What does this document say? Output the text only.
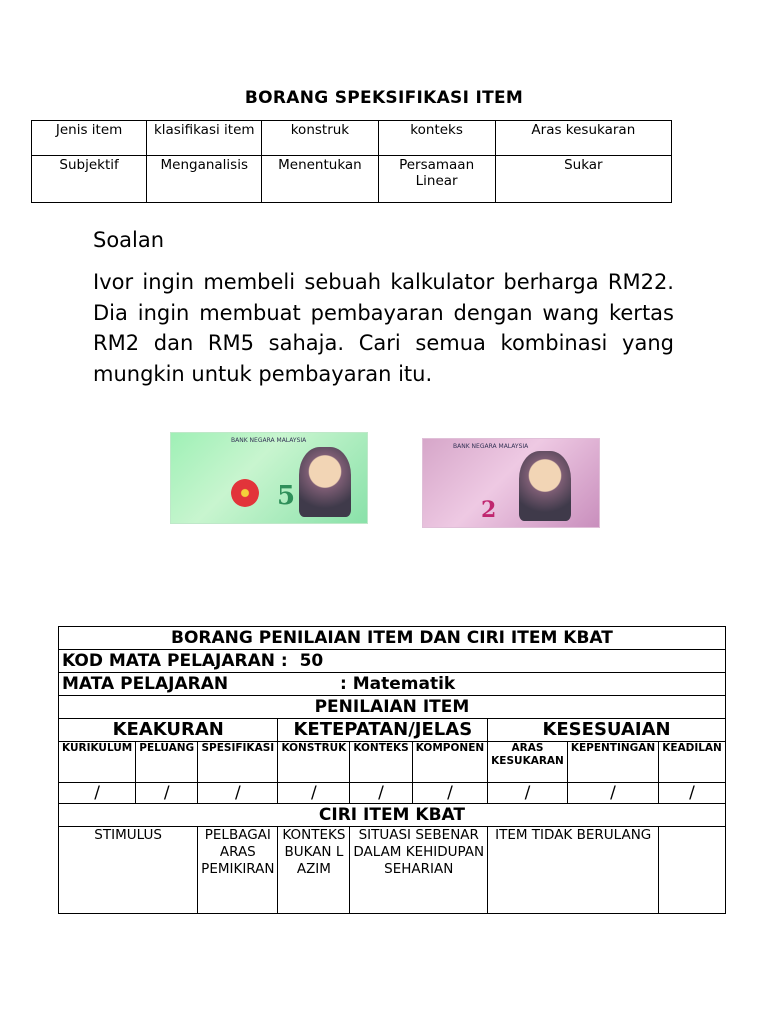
BORANG SPEKSIFIKASI ITEM
Jenis item	klasifikasi item	konstruk	konteks	Aras kesukaran
Subjektif	Menganalisis	Menentukan	Persamaan Linear	Sukar
Soalan
Ivor ingin membeli sebuah kalkulator berharga RM22. Dia ingin membuat pembayaran dengan wang kertas RM2 dan RM5 sahaja. Cari semua kombinasi yang mungkin untuk pembayaran itu.
BANK NEGARA MALAYSIA
5
BANK NEGARA MALAYSIA
2
BORANG PENILAIAN ITEM DAN CIRI ITEM KBAT								
KOD MATA PELAJARAN : 50								
MATA PELAJARAN : Matematik								
PENILAIAN ITEM								
KEAKURAN			KETEPATAN/JELAS			KESESUAIAN		
KURIKULUM	PELUANG	SPESIFIKASI	KONSTRUK	KONTEKS	KOMPONEN	ARAS KESUKARAN	KEPENTINGAN	KEADILAN
/	/	/	/	/	/	/	/	/
CIRI ITEM KBAT								
STIMULUS		PELBAGAI ARAS PEMIKIRAN	KONTEKS BUKAN LAZIM	SITUASI SEBENAR DALAM KEHIDUPAN SEHARIAN		ITEM TIDAK BERULANG		
